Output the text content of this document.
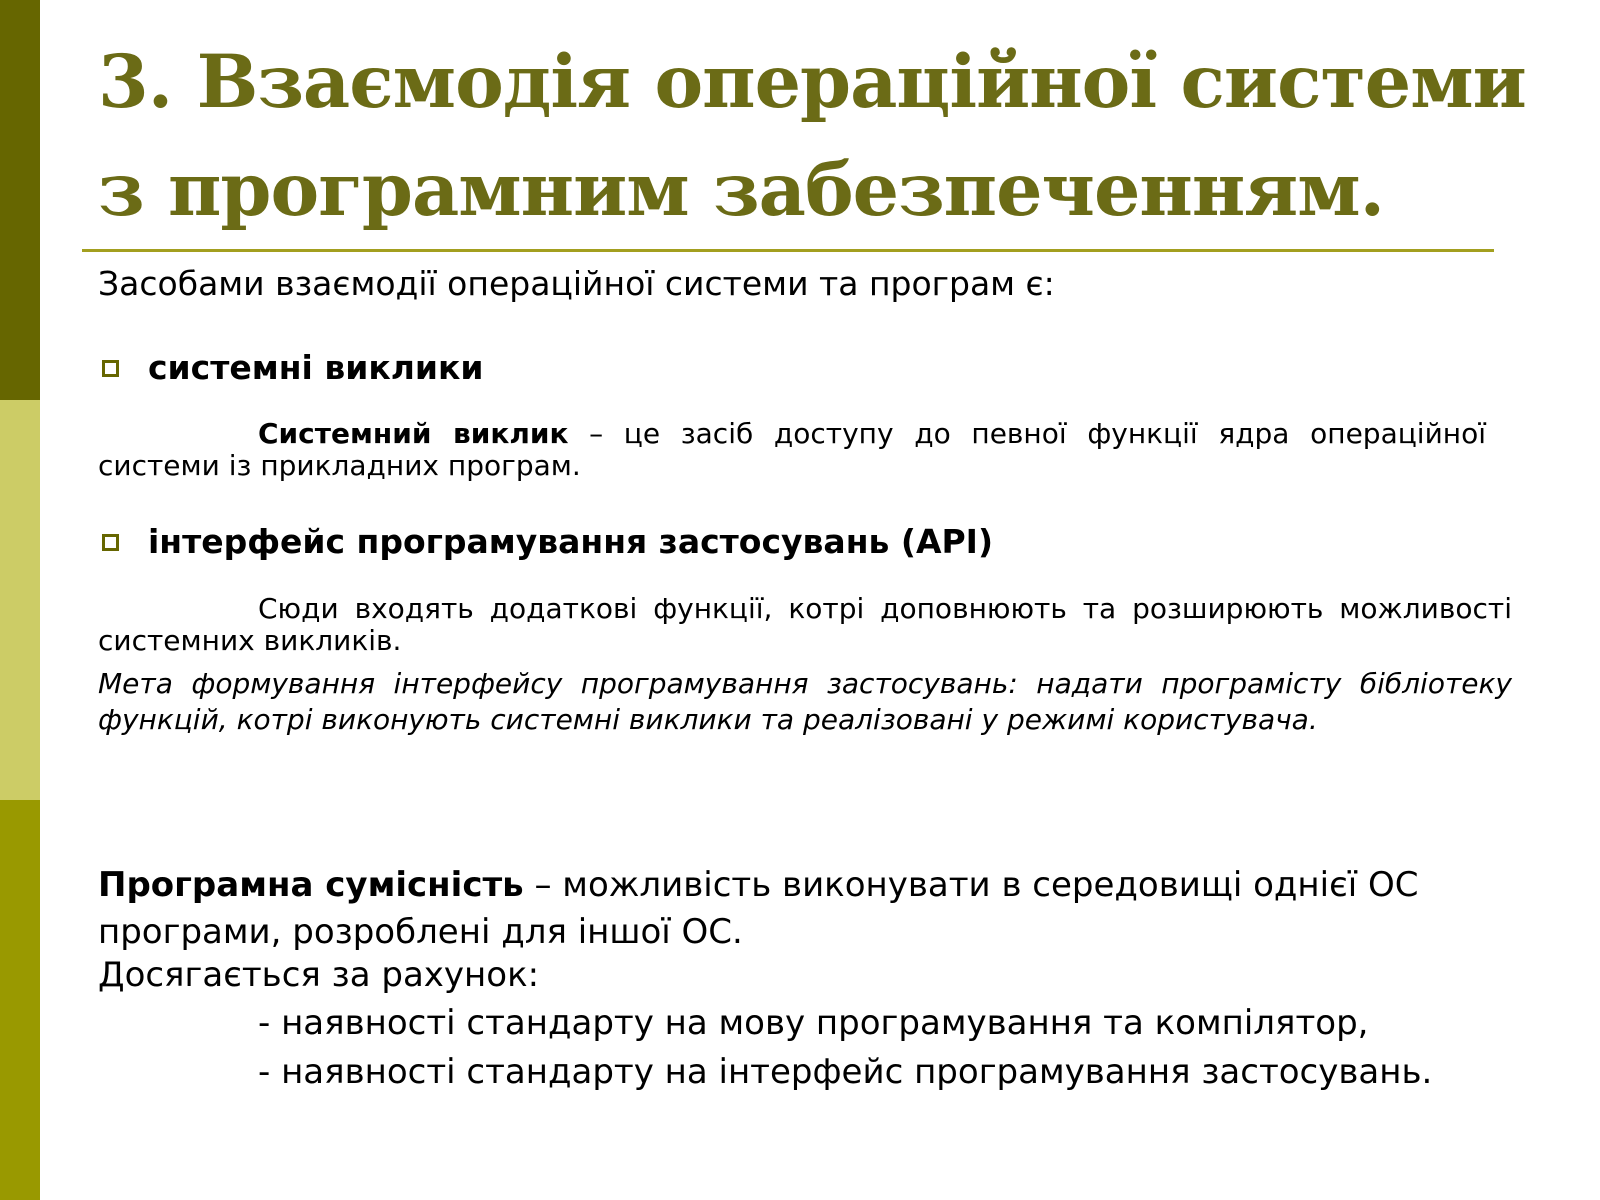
3. Взаємодія операційної системи з програмним забезпеченням.

Засобами взаємодії операційної системи та програм є:

системні виклики

Системний виклик – це засіб доступу до певної функції ядра операційної системи із прикладних програм.

інтерфейс програмування застосувань (API)

Сюди входять додаткові функції, котрі доповнюють та розширюють можливості системних викликів.

Мета формування інтерфейсу програмування застосувань: надати програмісту бібліотеку функцій, котрі виконують системні виклики та реалізовані у режимі користувача.

Програмна сумісність – можливість виконувати в середовищі однієї ОС програми, розроблені для іншої ОС.

Досягається за рахунок:

- наявності стандарту на мову програмування та компілятор,
- наявності стандарту на інтерфейс програмування застосувань.
